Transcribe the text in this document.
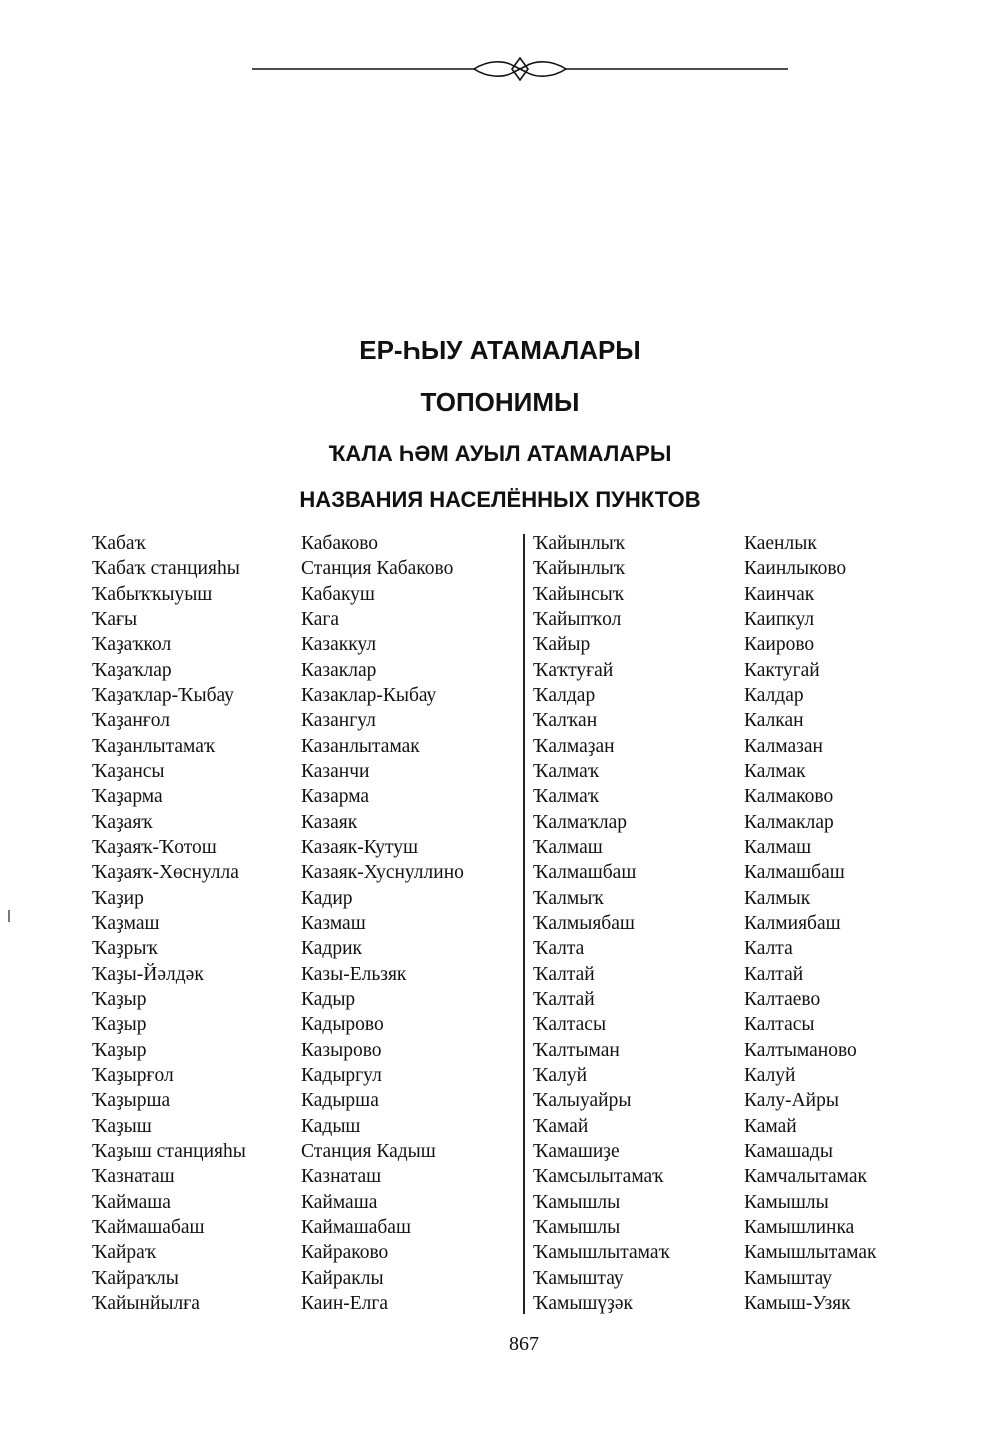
ЕР-ҺЫУ АТАМАЛАРЫ
ТОПОНИМЫ
ҠАЛА ҺӘМ АУЫЛ АТАМАЛАРЫ
НАЗВАНИЯ НАСЕЛЁННЫХ ПУНКТОВ
Ҡабаҡ
Ҡабаҡ станцияһы
Ҡабыҡҡыуыш
Ҡағы
Ҡаҙаҡкол
Ҡаҙаҡлар
Ҡаҙаҡлар-Ҡыбау
Ҡаҙанғол
Ҡаҙанлытамаҡ
Ҡаҙансы
Ҡаҙарма
Ҡаҙаяҡ
Ҡаҙаяҡ-Ҡотош
Ҡаҙаяҡ-Хөснулла
Ҡаҙир
Ҡаҙмаш
Ҡаҙрыҡ
Ҡаҙы-Йәлдәк
Ҡаҙыр
Ҡаҙыр
Ҡаҙыр
Ҡаҙырғол
Ҡаҙырша
Ҡаҙыш
Ҡаҙыш станцияһы
Ҡазнаташ
Ҡаймаша
Ҡаймашабаш
Ҡайраҡ
Ҡайраҡлы
Ҡайынйылға
Кабаково
Станция Кабаково
Кабакуш
Кага
Казаккул
Казаклар
Казаклар-Кыбау
Казангул
Казанлытамак
Казанчи
Казарма
Казаяк
Казаяк-Кутуш
Казаяк-Хуснуллино
Кадир
Казмаш
Кадрик
Казы-Ельзяк
Кадыр
Кадырово
Казырово
Кадыргул
Кадырша
Кадыш
Станция Кадыш
Казнаташ
Каймаша
Каймашабаш
Кайраково
Кайраклы
Каин-Елга
Ҡайынлыҡ
Ҡайынлыҡ
Ҡайынсыҡ
Ҡайыпҡол
Ҡайыр
Ҡаҡтуғай
Ҡалдар
Ҡалҡан
Ҡалмаҙан
Ҡалмаҡ
Ҡалмаҡ
Ҡалмаҡлар
Ҡалмаш
Ҡалмашбаш
Ҡалмыҡ
Ҡалмыябаш
Ҡалта
Ҡалтай
Ҡалтай
Ҡалтасы
Ҡалтыман
Ҡалуй
Ҡалыуайры
Ҡамай
Ҡамашиҙе
Ҡамсылытамаҡ
Ҡамышлы
Ҡамышлы
Ҡамышлытамаҡ
Ҡамыштау
Ҡамышүҙәк
Каенлык
Каинлыково
Каинчак
Каипкул
Каирово
Кактугай
Калдар
Калкан
Калмазан
Калмак
Калмаково
Калмаклар
Калмаш
Калмашбаш
Калмык
Калмиябаш
Калта
Калтай
Калтаево
Калтасы
Калтыманово
Калуй
Калу-Айры
Камай
Камашады
Камчалытамак
Камышлы
Камышлинка
Камышлытамак
Камыштау
Камыш-Узяк
867
